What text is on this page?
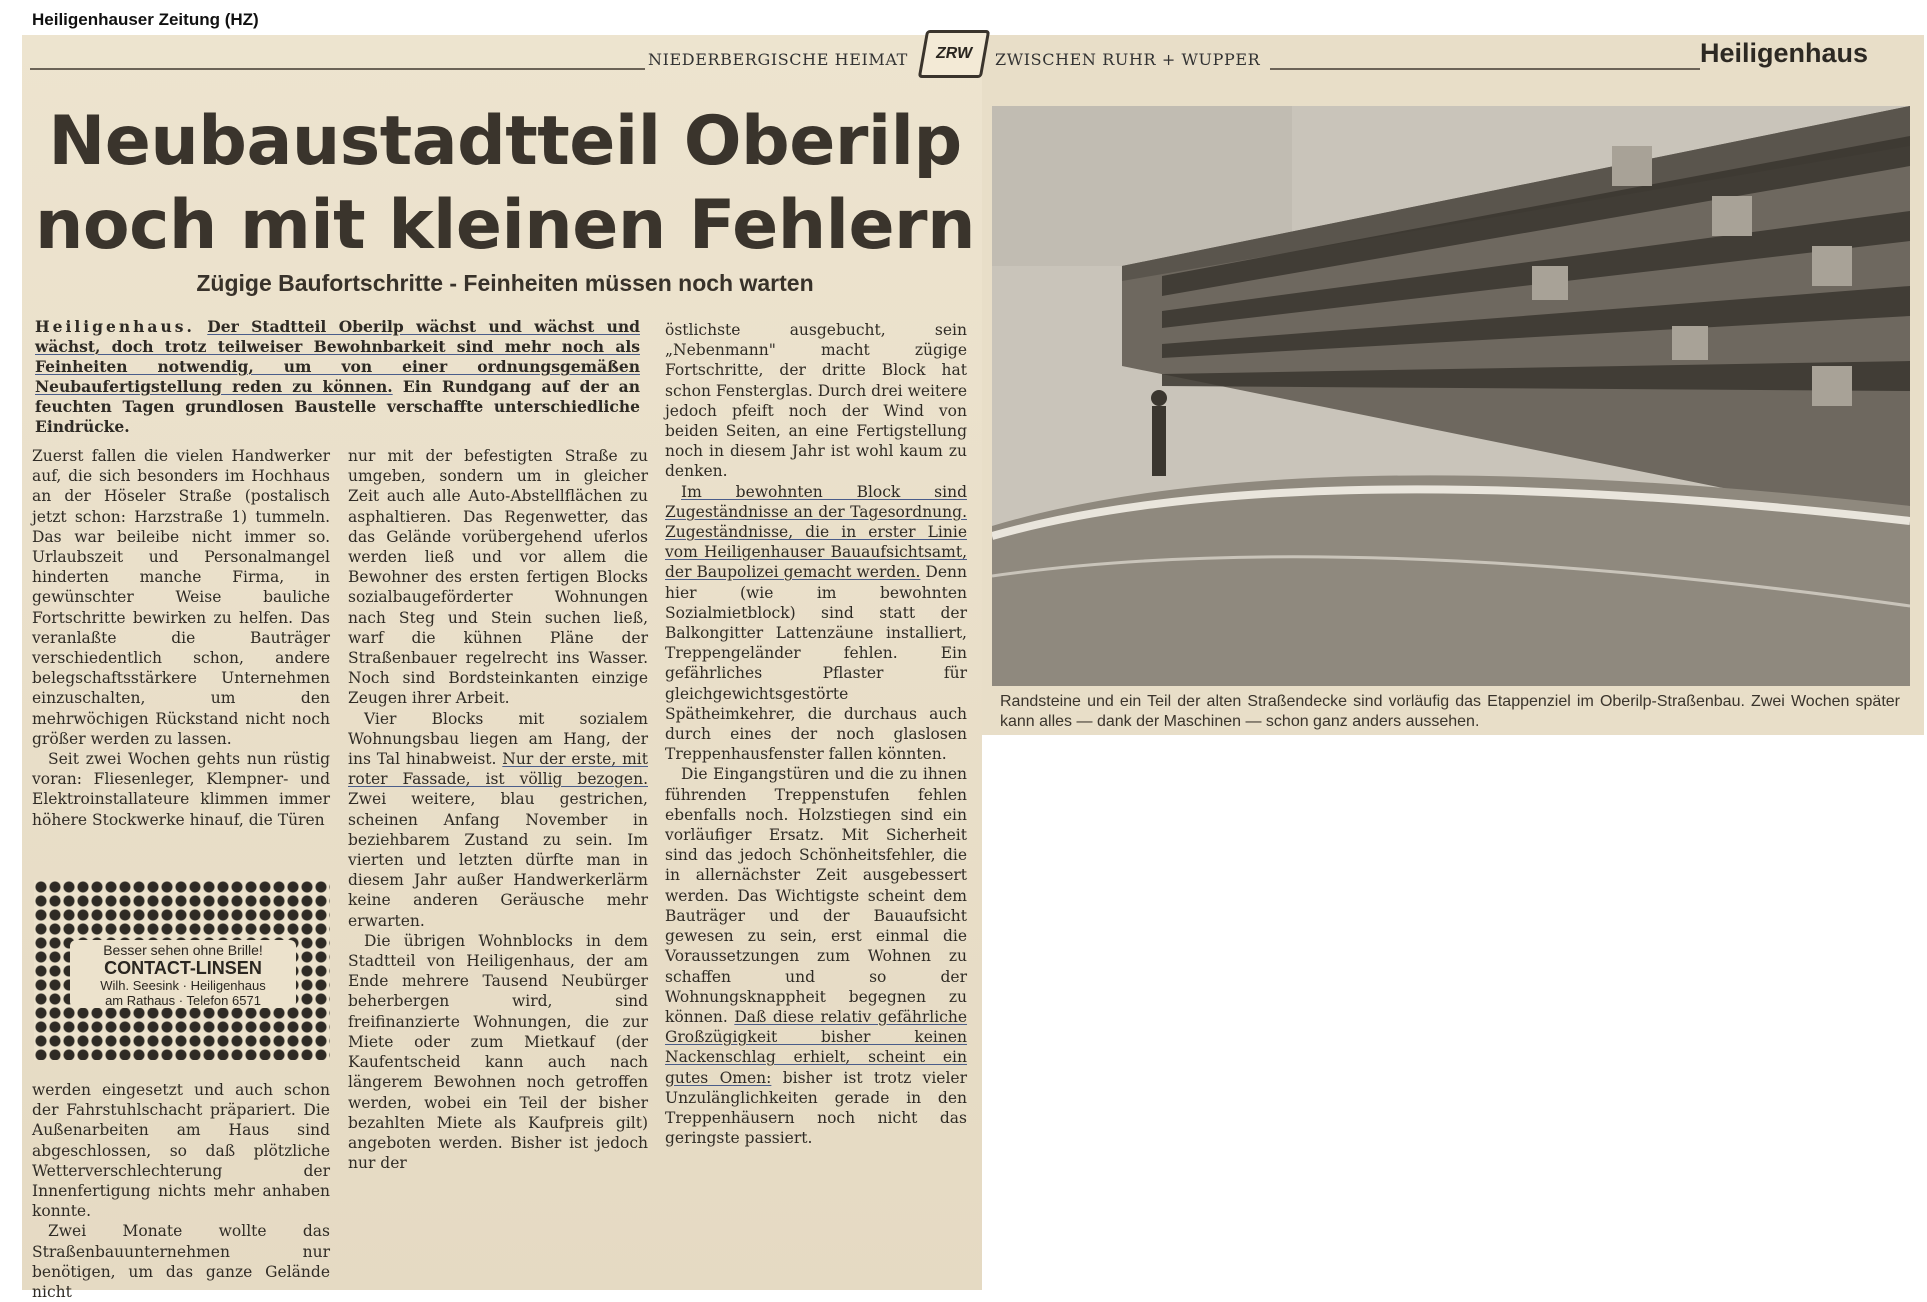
Heiligenhauser Zeitung (HZ)
NIEDERBERGISCHE HEIMAT ZRW ZWISCHEN RUHR + WUPPER	Heiligenhaus
Neubaustadtteil Oberilp noch mit kleinen Fehlern
Zügige Baufortschritte - Feinheiten müssen noch warten
Heiligenhaus. Der Stadtteil Oberilp wächst und wächst und wächst, doch trotz teilweiser Bewohnbarkeit sind mehr noch als Feinheiten notwendig, um von einer ordnungsgemäßen Neubaufertigstellung reden zu können. Ein Rundgang auf der an feuchten Tagen grundlosen Baustelle verschaffte unterschiedliche Eindrücke.

Zuerst fallen die vielen Handwerker auf, die sich besonders im Hochhaus an der Höseler Straße (postalisch jetzt schon: Harzstraße 1) tummeln. Das war beileibe nicht immer so. Urlaubszeit und Personalmangel hinderten manche Firma, in gewünschter Weise bauliche Fortschritte bewirken zu helfen. Das veranlaßte die Bauträger verschiedentlich schon, andere belegschaftsstärkere Unternehmen einzuschalten, um den mehrwöchigen Rückstand nicht noch größer werden zu lassen.

Seit zwei Wochen gehts nun rüstig voran: Fliesenleger, Klempner- und Elektroinstallateure klimmen immer höhere Stockwerke hinauf, die Türen

Besser sehen ohne Brille!
CONTACT-LINSEN
Wilh. Seesink · Heiligenhaus
am Rathaus · Telefon 6571

werden eingesetzt und auch schon der Fahrstuhlschacht präpariert. Die Außenarbeiten am Haus sind abgeschlossen, so daß plötzliche Wetterverschlechterung der Innenfertigung nichts mehr anhaben konnte.

Zwei Monate wollte das Straßenbauunternehmen nur benötigen, um das ganze Gelände nicht

nur mit der befestigten Straße zu umgeben, sondern um in gleicher Zeit auch alle Auto-Abstellflächen zu asphaltieren. Das Regenwetter, das das Gelände vorübergehend uferlos werden ließ und vor allem die Bewohner des ersten fertigen Blocks sozialbaugeförderter Wohnungen nach Steg und Stein suchen ließ, warf die kühnen Pläne der Straßenbauer regelrecht ins Wasser. Noch sind Bordsteinkanten einzige Zeugen ihrer Arbeit.

Vier Blocks mit sozialem Wohnungsbau liegen am Hang, der ins Tal hinabweist. Nur der erste, mit roter Fassade, ist völlig bezogen. Zwei weitere, blau gestrichen, scheinen Anfang November in beziehbarem Zustand zu sein. Im vierten und letzten dürfte man in diesem Jahr außer Handwerkerlärm keine anderen Geräusche mehr erwarten.

Die übrigen Wohnblocks in dem Stadtteil von Heiligenhaus, der am Ende mehrere Tausend Neubürger beherbergen wird, sind freifinanzierte Wohnungen, die zur Miete oder zum Mietkauf (der Kaufentscheid kann auch nach längerem Bewohnen noch getroffen werden, wobei ein Teil der bisher bezahlten Miete als Kaufpreis gilt) angeboten werden. Bisher ist jedoch nur der

östlichste ausgebucht, sein „Nebenmann" macht zügige Fortschritte, der dritte Block hat schon Fensterglas. Durch drei weitere jedoch pfeift noch der Wind von beiden Seiten, an eine Fertigstellung noch in diesem Jahr ist wohl kaum zu denken.

Im bewohnten Block sind Zugeständnisse an der Tagesordnung. Zugeständnisse, die in erster Linie vom Heiligenhauser Bauaufsichtsamt, der Baupolizei gemacht werden. Denn hier (wie im bewohnten Sozialmietblock) sind statt der Balkongitter Lattenzäune installiert, Treppengeländer fehlen. Ein gefährliches Pflaster für gleichgewichtsgestörte Spätheimkehrer, die durchaus auch durch eines der noch glaslosen Treppenhausfenster fallen könnten.

Die Eingangstüren und die zu ihnen führenden Treppenstufen fehlen ebenfalls noch. Holzstiegen sind ein vorläufiger Ersatz. Mit Sicherheit sind das jedoch Schönheitsfehler, die in allernächster Zeit ausgebessert werden. Das Wichtigste scheint dem Bauträger und der Bauaufsicht gewesen zu sein, erst einmal die Voraussetzungen zum Wohnen zu schaffen und so der Wohnungsknappheit begegnen zu können. Daß diese relativ gefährliche Großzügigkeit bisher keinen Nackenschlag erhielt, scheint ein gutes Omen: bisher ist trotz vieler Unzulänglichkeiten gerade in den Treppenhäusern noch nicht das geringste passiert.

Randsteine und ein Teil der alten Straßendecke sind vorläufig das Etappenziel im Oberilp-Straßenbau. Zwei Wochen später kann alles — dank der Maschinen — schon ganz anders aussehen.
